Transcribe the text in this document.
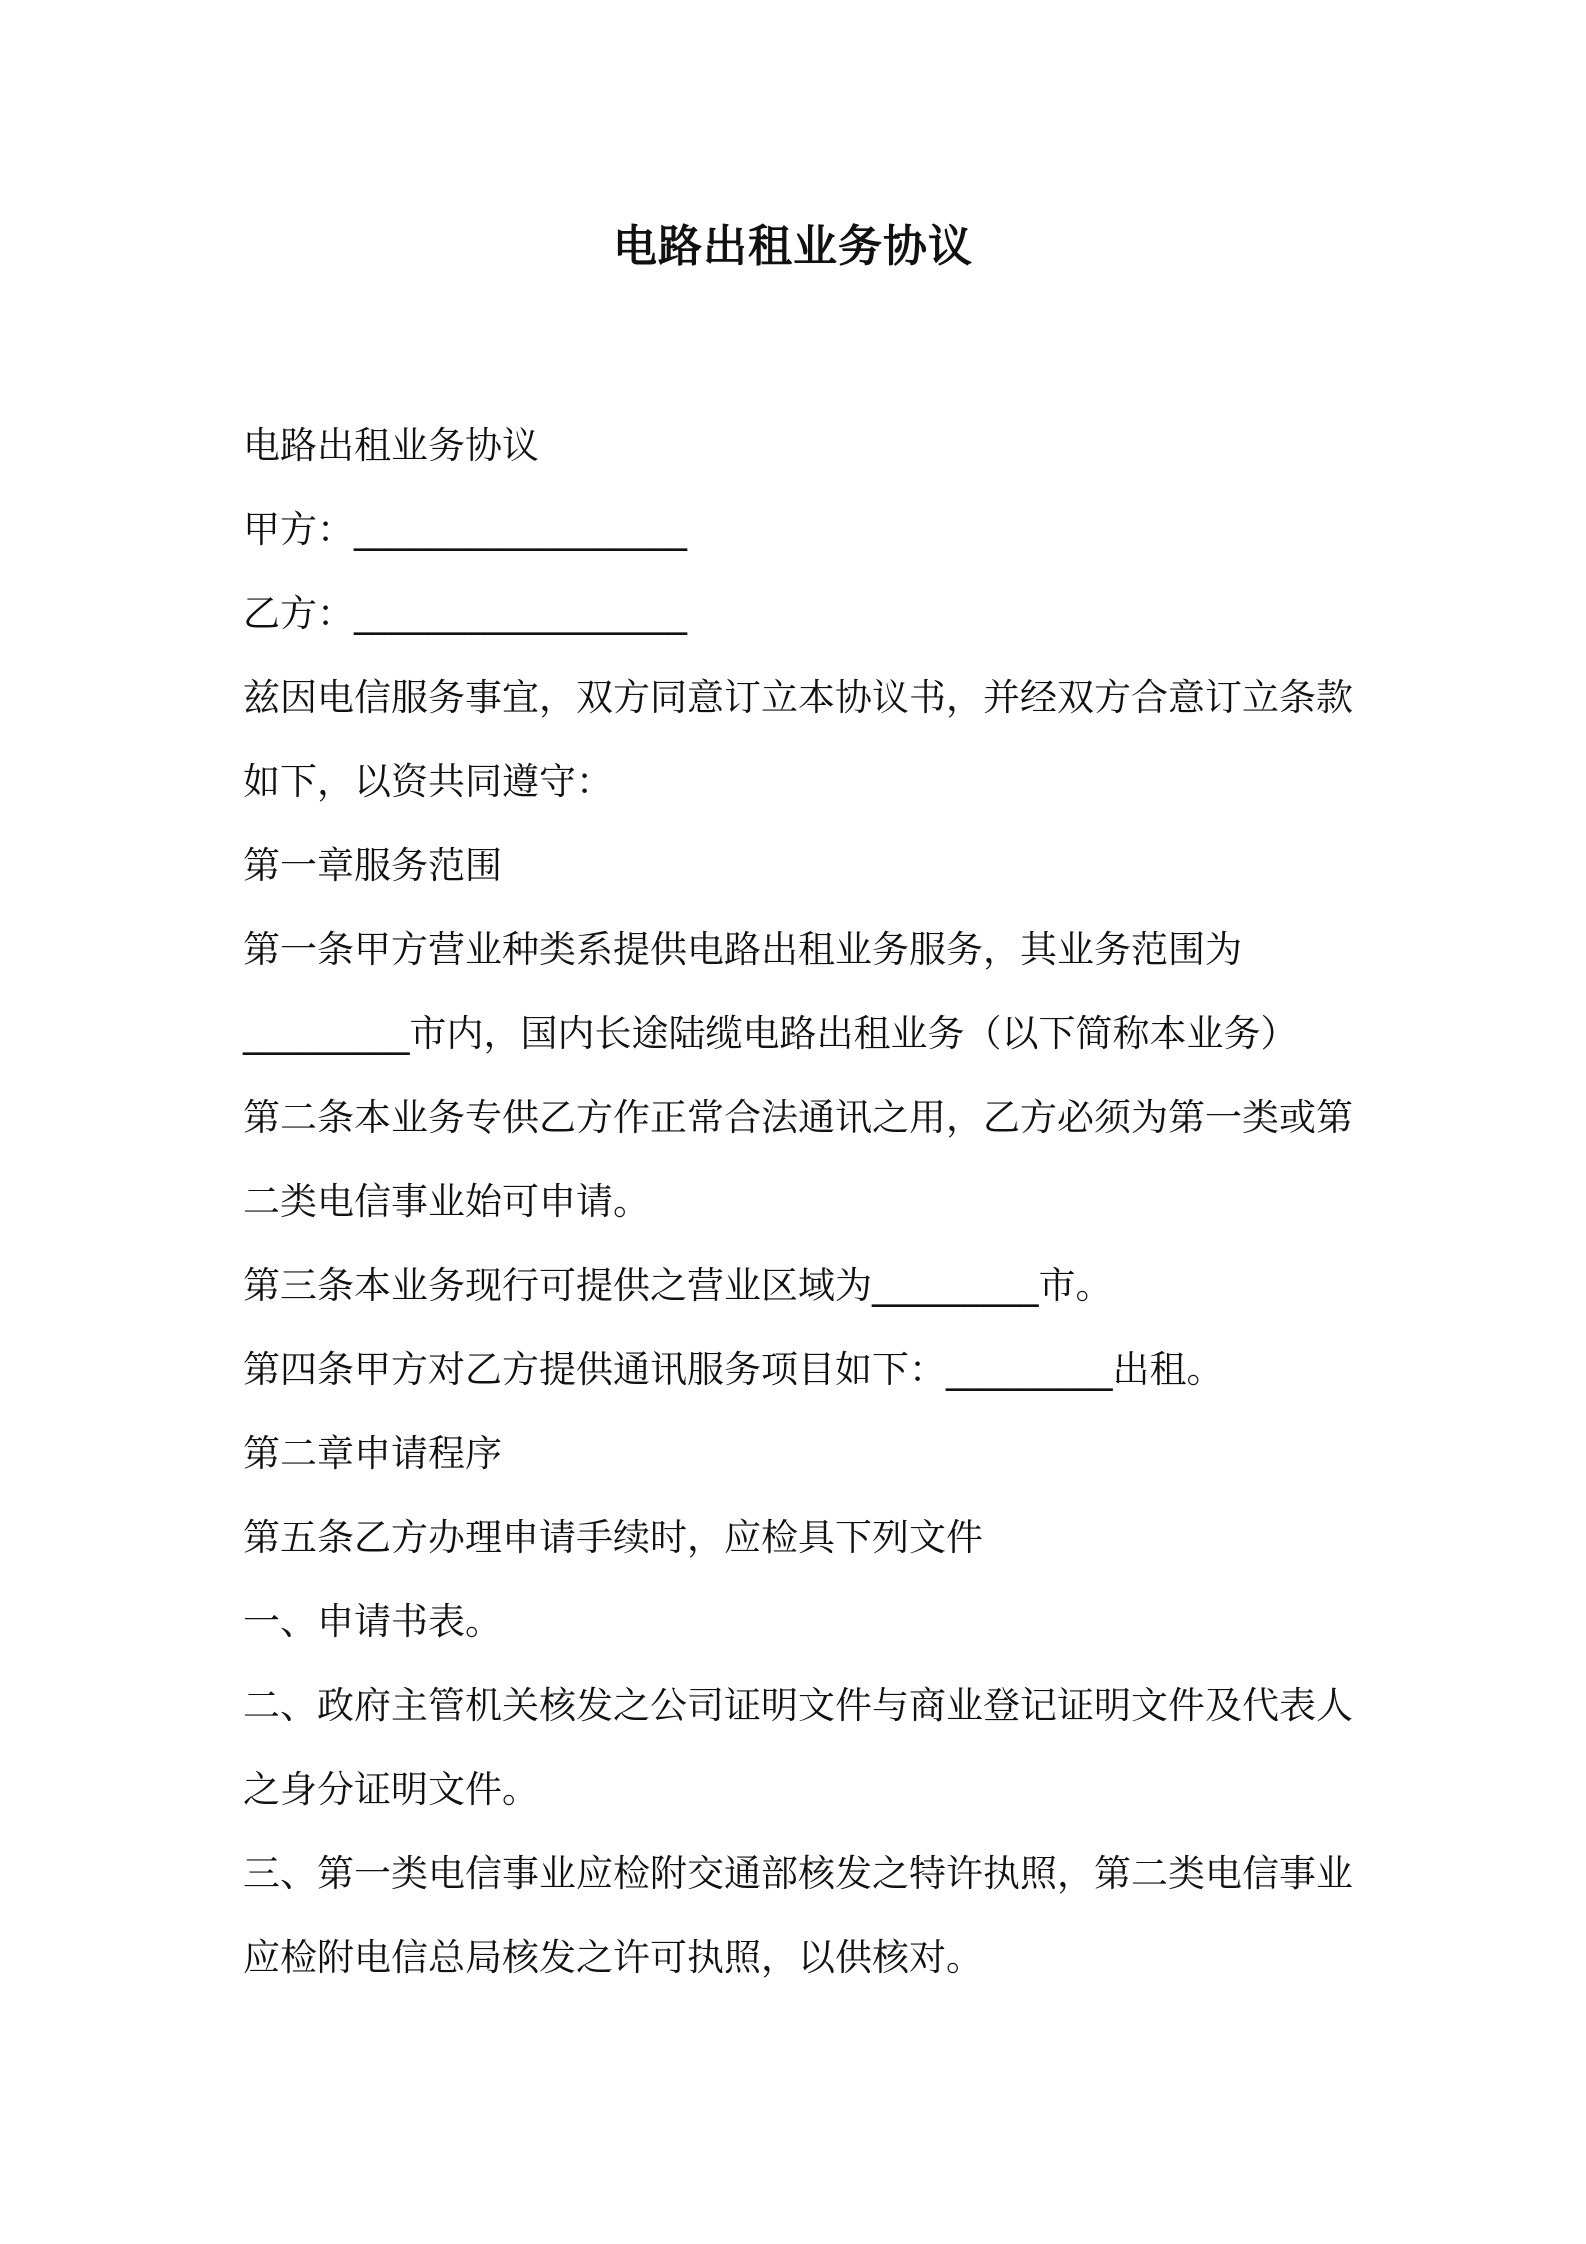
电路出租业务协议
电路出租业务协议
甲方：__________________
乙方：__________________
兹因电信服务事宜，双方同意订立本协议书，并经双方合意订立条款
如下，以资共同遵守：
第一章服务范围
第一条甲方营业种类系提供电路出租业务服务，其业务范围为
_________市内，国内长途陆缆电路出租业务（以下简称本业务）
第二条本业务专供乙方作正常合法通讯之用，乙方必须为第一类或第
二类电信事业始可申请。
第三条本业务现行可提供之营业区域为_________市。
第四条甲方对乙方提供通讯服务项目如下：_________出租。
第二章申请程序
第五条乙方办理申请手续时，应检具下列文件
一、申请书表。
二、政府主管机关核发之公司证明文件与商业登记证明文件及代表人
之身分证明文件。
三、第一类电信事业应检附交通部核发之特许执照，第二类电信事业
应检附电信总局核发之许可执照，以供核对。
